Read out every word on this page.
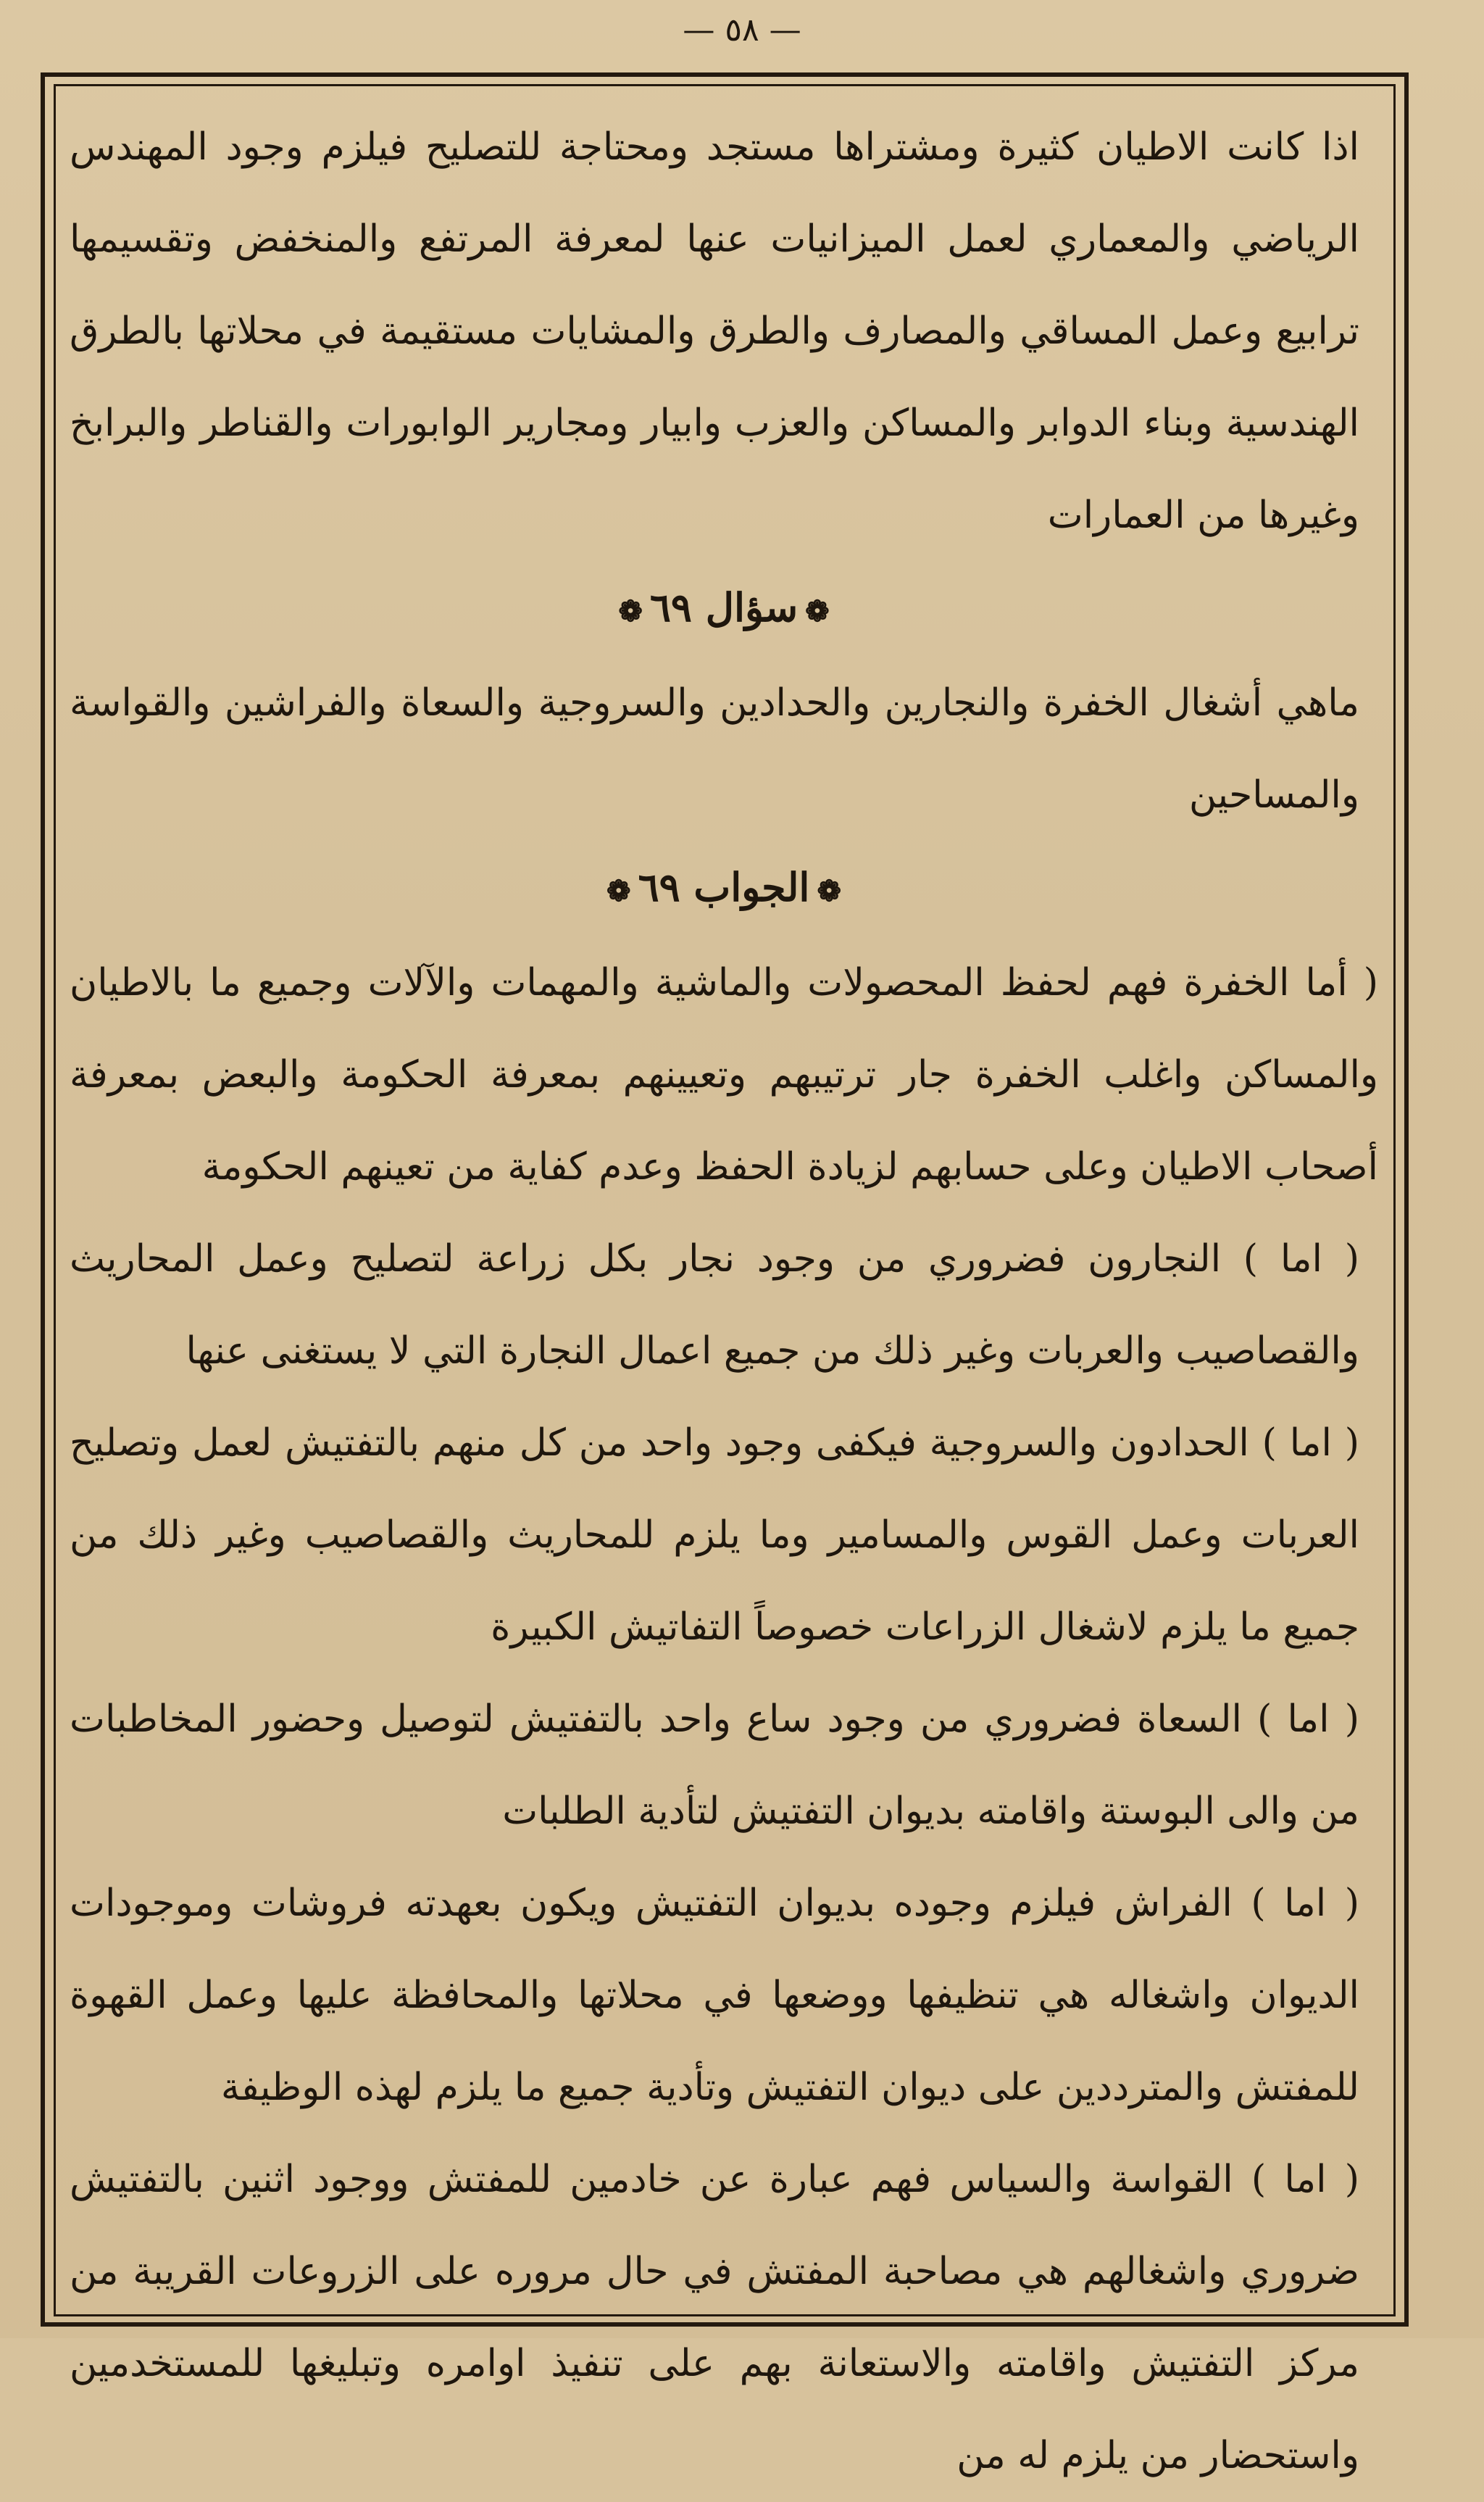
— ٥٨ —

اذا كانت الاطيان كثيرة ومشتراها مستجد ومحتاجة للتصليح فيلزم وجود المهندس الرياضي والمعماري لعمل الميزانيات عنها لمعرفة المرتفع والمنخفض وتقسيمها ترابيع وعمل المساقي والمصارف والطرق والمشايات مستقيمة في محلاتها بالطرق الهندسية وبناء الدوابر والمساكن والعزب وابيار ومجارير الوابورات والقناطر والبرابخ وغيرها من العمارات

❁سؤال ٦٩❁

ماهي أشغال الخفرة والنجارين والحدادين والسروجية والسعاة والفراشين والقواسة والمساحين

❁الجواب ٦٩❁

( أما الخفرة فهم لحفظ المحصولات والماشية والمهمات والآلات وجميع ما بالاطيان والمساكن واغلب الخفرة جار ترتيبهم وتعيينهم بمعرفة الحكومة والبعض بمعرفة أصحاب الاطيان وعلى حسابهم لزيادة الحفظ وعدم كفاية من تعينهم الحكومة

( اما ) النجارون فضروري من وجود نجار بكل زراعة لتصليح وعمل المحاريث والقصاصيب والعربات وغير ذلك من جميع اعمال النجارة التي لا يستغنى عنها

( اما ) الحدادون والسروجية فيكفى وجود واحد من كل منهم بالتفتيش لعمل وتصليح العربات وعمل القوس والمسامير وما يلزم للمحاريث والقصاصيب وغير ذلك من جميع ما يلزم لاشغال الزراعات خصوصاً التفاتيش الكبيرة

( اما ) السعاة فضروري من وجود ساع واحد بالتفتيش لتوصيل وحضور المخاطبات من والى البوستة واقامته بديوان التفتيش لتأدية الطلبات

( اما ) الفراش فيلزم وجوده بديوان التفتيش ويكون بعهدته فروشات وموجودات الديوان واشغاله هي تنظيفها ووضعها في محلاتها والمحافظة عليها وعمل القهوة للمفتش والمترددين على ديوان التفتيش وتأدية جميع ما يلزم لهذه الوظيفة

( اما ) القواسة والسياس فهم عبارة عن خادمين للمفتش ووجود اثنين بالتفتيش ضروري واشغالهم هي مصاحبة المفتش في حال مروره على الزروعات القريبة من مركز التفتيش واقامته والاستعانة بهم على تنفيذ اوامره وتبليغها للمستخدمين واستحضار من يلزم له من
